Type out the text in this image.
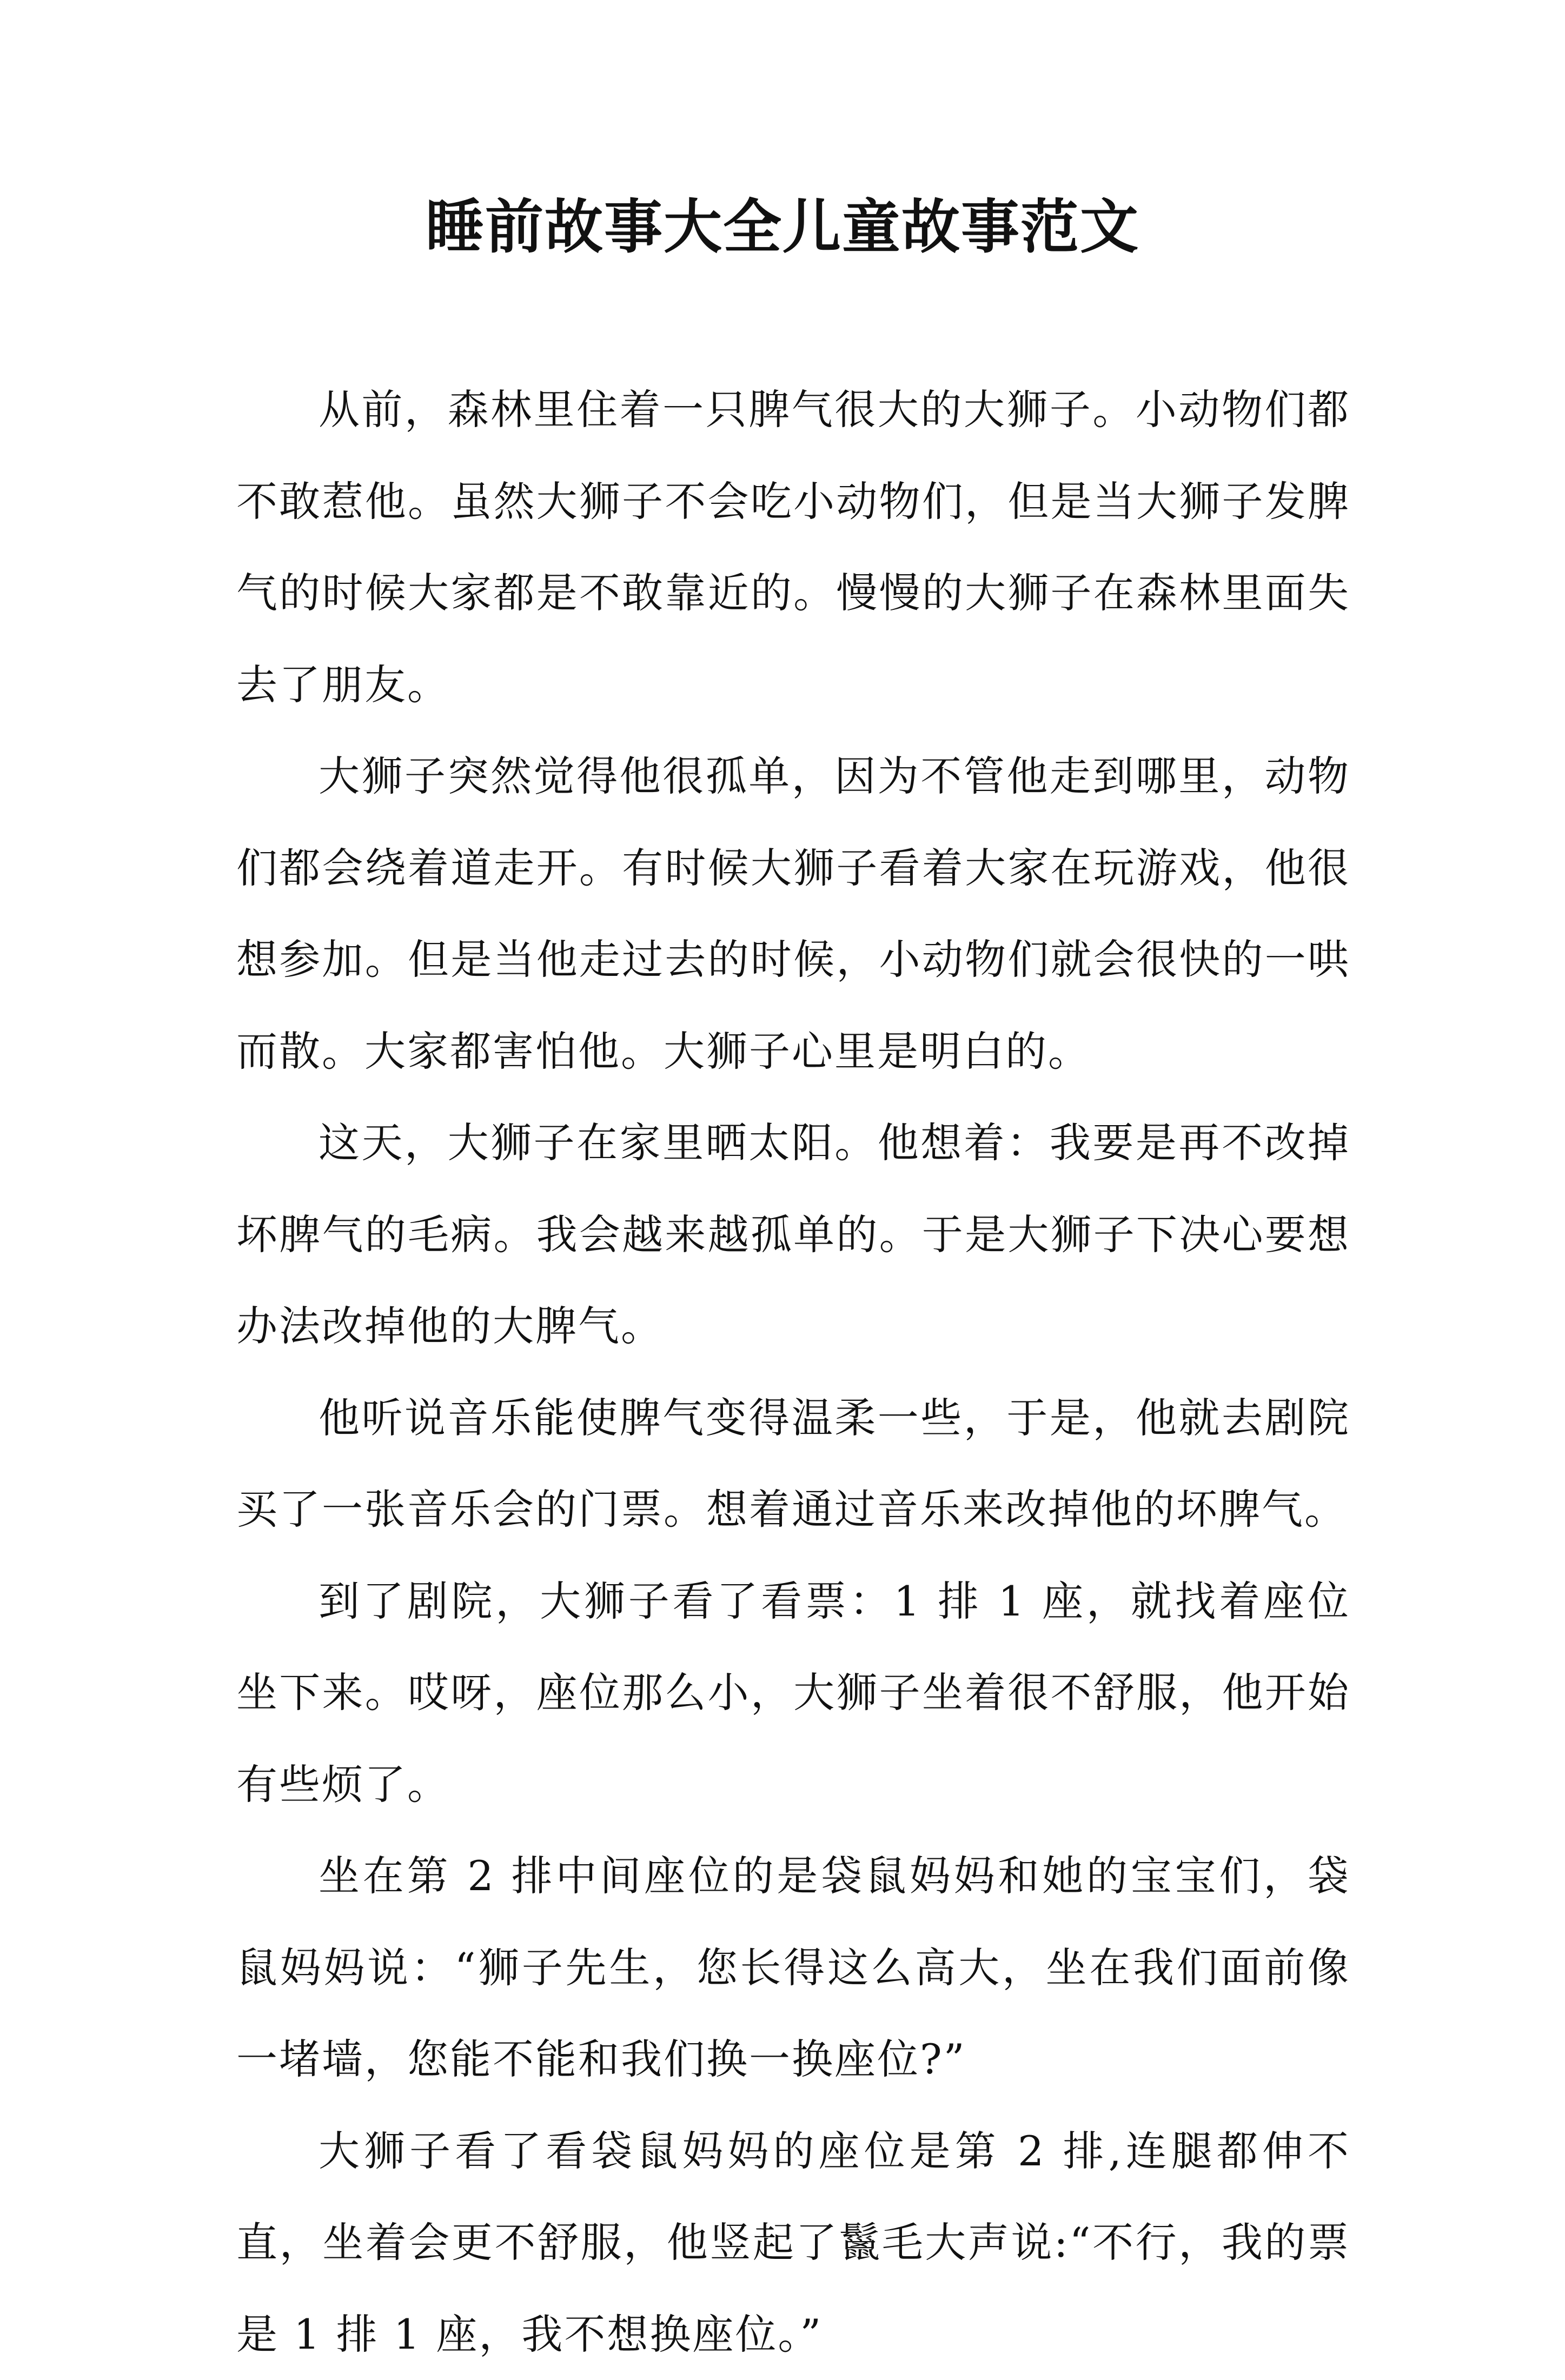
睡前故事大全儿童故事范文

从前，森林里住着一只脾气很大的大狮子。小动物们都不敢惹他。虽然大狮子不会吃小动物们，但是当大狮子发脾气的时候大家都是不敢靠近的。慢慢的大狮子在森林里面失去了朋友。

大狮子突然觉得他很孤单，因为不管他走到哪里，动物们都会绕着道走开。有时候大狮子看着大家在玩游戏，他很想参加。但是当他走过去的时候，小动物们就会很快的一哄而散。大家都害怕他。大狮子心里是明白的。

这天，大狮子在家里晒太阳。他想着：我要是再不改掉坏脾气的毛病。我会越来越孤单的。于是大狮子下决心要想办法改掉他的大脾气。

他听说音乐能使脾气变得温柔一些，于是，他就去剧院买了一张音乐会的门票。想着通过音乐来改掉他的坏脾气。

到了剧院，大狮子看了看票：1 排 1 座，就找着座位坐下来。哎呀，座位那么小，大狮子坐着很不舒服，他开始有些烦了。

坐在第 2 排中间座位的是袋鼠妈妈和她的宝宝们，袋鼠妈妈说：“狮子先生，您长得这么高大，坐在我们面前像一堵墙，您能不能和我们换一换座位?”

大狮子看了看袋鼠妈妈的座位是第 2 排,连腿都伸不直，坐着会更不舒服，他竖起了鬣毛大声说:“不行，我的票是 1 排 1 座，我不想换座位。”
